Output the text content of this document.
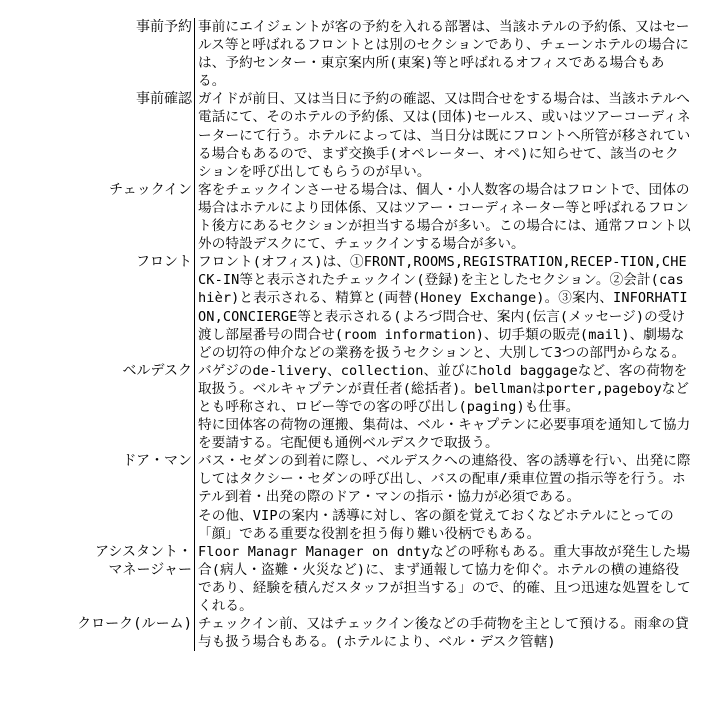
事前予約 事前にエイジェントが客の予約を入れる部署は、当該ホテルの予約係、又はセールス等と呼ばれるフロントとは別のセクションであり、チェーンホテルの場合には、予約センター・東京案内所(東案)等と呼ばれるオフィスである場合もある。

事前確認 ガイドが前日、又は当日に予約の確認、又は問合せをする場合は、当該ホテルへ電話にて、そのホテルの予約係、又は(団体)セールス、或いはツアーコーディネーターにて行う。ホテルによっては、当日分は既にフロントへ所管が移されている場合もあるので、まず交換手(オペレーター、オペ)に知らせて、該当のセクションを呼び出してもらうのが早い。

チェックイン 客をチェックインさーせる場合は、個人・小人数客の場合はフロントで、団体の場合はホテルにより団体係、又はツアー・コーディネーター等と呼ばれるフロント後方にあるセクションが担当する場合が多い。この場合には、通常フロント以外の特設デスクにて、チェックインする場合が多い。

フロント フロント(オフィス)は、①FRONT,ROOMS,REGISTRATION,RECEP-TION,CHECK-IN等と表示されたチェックイン(登録)を主としたセクション。②会計(cashièr)と表示される、精算と(両替(Honey Exchange)。③案内、INFORHATION,CONCIERGE等と表示される(よろづ問合せ、案内(伝言(メッセージ)の受け渡し部屋番号の問合せ(room information)、切手類の販売(mail)、劇場などの切符の伸介などの業務を扱うセクションと、大別して3つの部門からなる。

ベルデスク バゲジのde-livery、collection、並びにhold baggageなど、客の荷物を取扱う。ベルキャプテンが責任者(総括者)。bellmanはporter,pageboyなどとも呼称され、ロビー等での客の呼び出し(paging)も仕事。

特に団体客の荷物の運搬、集荷は、ベル・キャプテンに必要事項を通知して協力を要請する。宅配便も通例ベルデスクで取扱う。

ドア・マン バス・セダンの到着に際し、ベルデスクへの連絡役、客の誘導を行い、出発に際してはタクシー・セダンの呼び出し、バスの配車/乗車位置の指示等を行う。ホテル到着・出発の際のドア・マンの指示・協力が必須である。

その他、VIPの案内・誘導に対し、客の顔を覚えておくなどホテルにとっての「顔」である重要な役割を担う侮り難い役柄でもある。

アシスタント・
マネージャー

Floor Managr Manager on dntyなどの呼称もある。重大事故が発生した場合(病人・盗難・火災など)に、まず通報して協力を仰ぐ。ホテルの横の連絡役であり、経験を積んだスタッフが担当する」ので、的確、且つ迅速な処置をしてくれる。

クローク(ルーム) チェックイン前、又はチェックイン後などの手荷物を主として預ける。雨傘の貸与も扱う場合もある。(ホテルにより、ベル・デスク管轄)
